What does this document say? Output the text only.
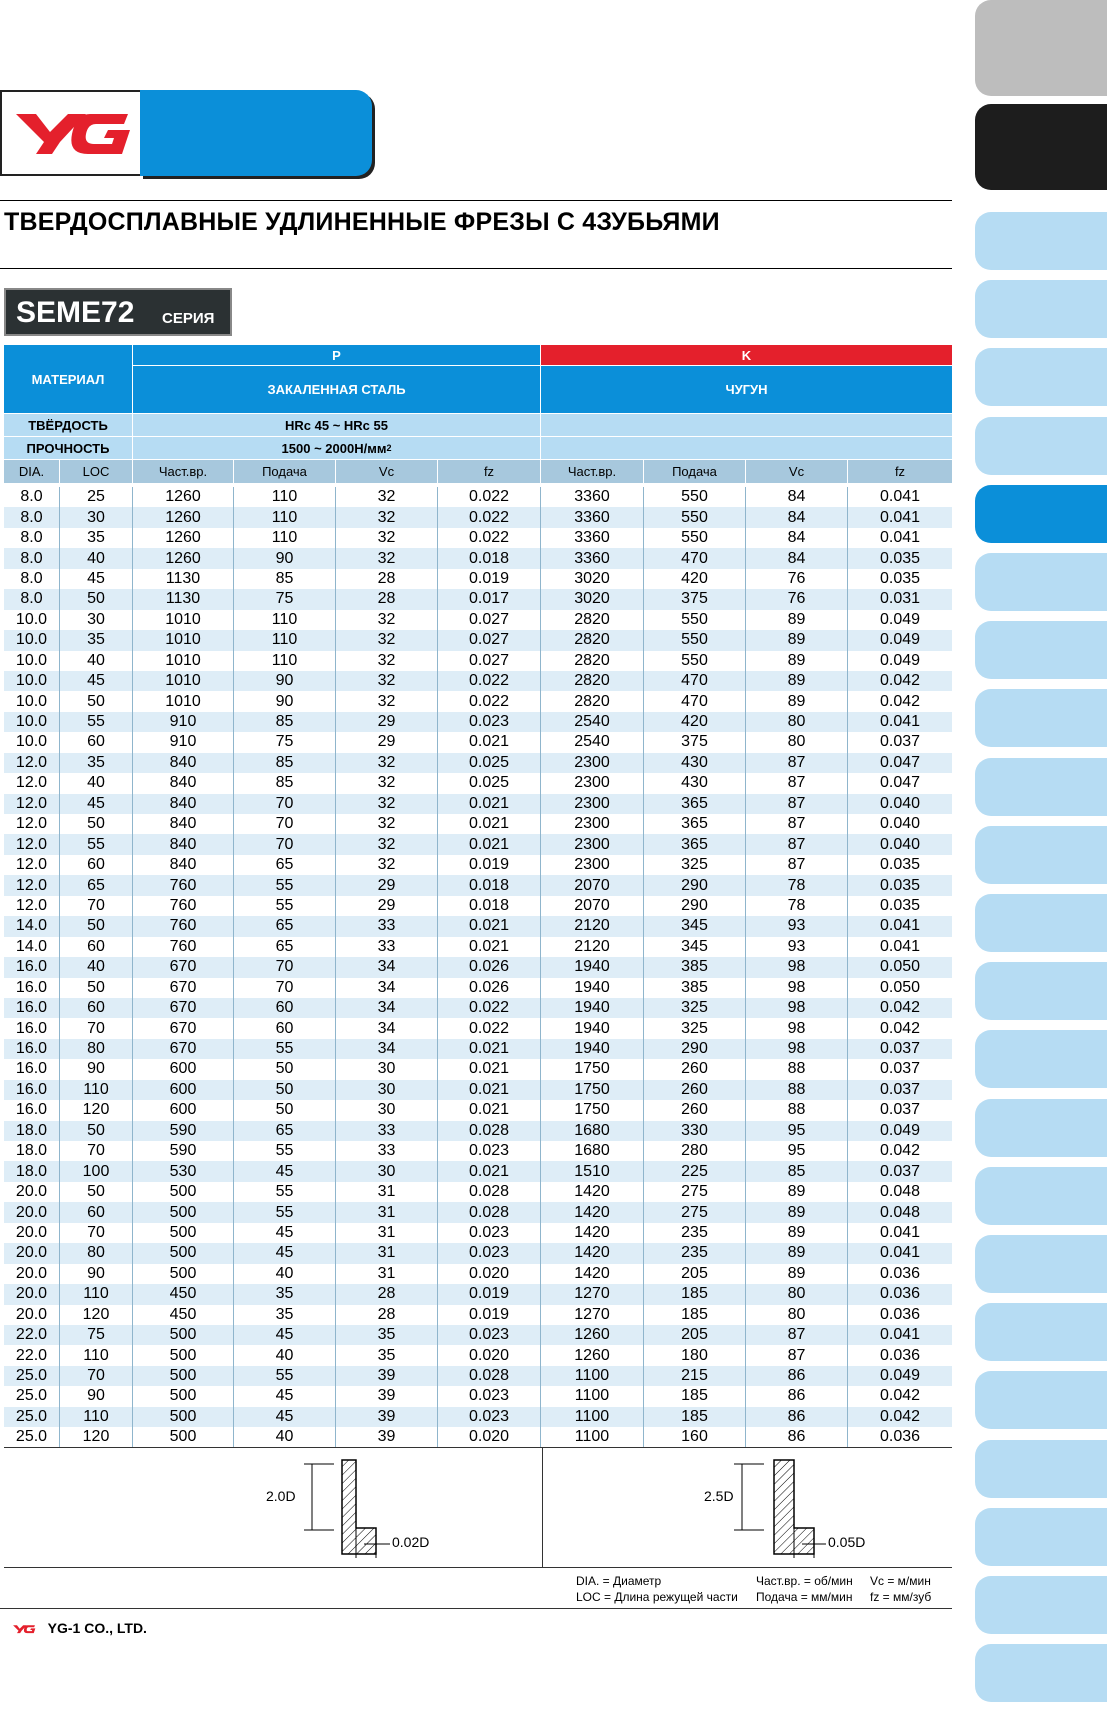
ТВЕРДОСПЛАВНЫЕ УДЛИНЕННЫЕ ФРЕЗЫ С 4ЗУБЬЯМИ
SEME72 СЕРИЯ
МАТЕРИАЛ
P	K
ЗАКАЛЕННАЯ СТАЛЬ	ЧУГУН
ТВЁРДОСТЬ	HRc 45 ~ HRc 55
ПРОЧНОСТЬ	1500 ~ 2000Н/мм 2
DIA.	LOC	Част.вр.	Подача	Vc	fz	Част.вр.	Подача	Vc	fz
8.0	25	1260	110	32	0.022	3360	550	84	0.041
8.0	30	1260	110	32	0.022	3360	550	84	0.041
8.0	35	1260	110	32	0.022	3360	550	84	0.041
8.0	40	1260	90	32	0.018	3360	470	84	0.035
8.0	45	1130	85	28	0.019	3020	420	76	0.035
8.0	50	1130	75	28	0.017	3020	375	76	0.031
10.0	30	1010	110	32	0.027	2820	550	89	0.049
10.0	35	1010	110	32	0.027	2820	550	89	0.049
10.0	40	1010	110	32	0.027	2820	550	89	0.049
10.0	45	1010	90	32	0.022	2820	470	89	0.042
10.0	50	1010	90	32	0.022	2820	470	89	0.042
10.0	55	910	85	29	0.023	2540	420	80	0.041
10.0	60	910	75	29	0.021	2540	375	80	0.037
12.0	35	840	85	32	0.025	2300	430	87	0.047
12.0	40	840	85	32	0.025	2300	430	87	0.047
12.0	45	840	70	32	0.021	2300	365	87	0.040
12.0	50	840	70	32	0.021	2300	365	87	0.040
12.0	55	840	70	32	0.021	2300	365	87	0.040
12.0	60	840	65	32	0.019	2300	325	87	0.035
12.0	65	760	55	29	0.018	2070	290	78	0.035
12.0	70	760	55	29	0.018	2070	290	78	0.035
14.0	50	760	65	33	0.021	2120	345	93	0.041
14.0	60	760	65	33	0.021	2120	345	93	0.041
16.0	40	670	70	34	0.026	1940	385	98	0.050
16.0	50	670	70	34	0.026	1940	385	98	0.050
16.0	60	670	60	34	0.022	1940	325	98	0.042
16.0	70	670	60	34	0.022	1940	325	98	0.042
16.0	80	670	55	34	0.021	1940	290	98	0.037
16.0	90	600	50	30	0.021	1750	260	88	0.037
16.0	110	600	50	30	0.021	1750	260	88	0.037
16.0	120	600	50	30	0.021	1750	260	88	0.037
18.0	50	590	65	33	0.028	1680	330	95	0.049
18.0	70	590	55	33	0.023	1680	280	95	0.042
18.0	100	530	45	30	0.021	1510	225	85	0.037
20.0	50	500	55	31	0.028	1420	275	89	0.048
20.0	60	500	55	31	0.028	1420	275	89	0.048
20.0	70	500	45	31	0.023	1420	235	89	0.041
20.0	80	500	45	31	0.023	1420	235	89	0.041
20.0	90	500	40	31	0.020	1420	205	89	0.036
20.0	110	450	35	28	0.019	1270	185	80	0.036
20.0	120	450	35	28	0.019	1270	185	80	0.036
22.0	75	500	45	35	0.023	1260	205	87	0.041
22.0	110	500	40	35	0.020	1260	180	87	0.036
25.0	70	500	55	39	0.028	1100	215	86	0.049
25.0	90	500	45	39	0.023	1100	185	86	0.042
25.0	110	500	45	39	0.023	1100	185	86	0.042
25.0	120	500	40	39	0.020	1100	160	86	0.036
2.0D
0.02D
2.5D
0.05D
DIA. = Диаметр
LOC = Длина режущей части
Част.вр. = об/мин
Подача = мм/мин
Vc = м/мин
fz = мм/зуб
YG-1 CO., LTD.
